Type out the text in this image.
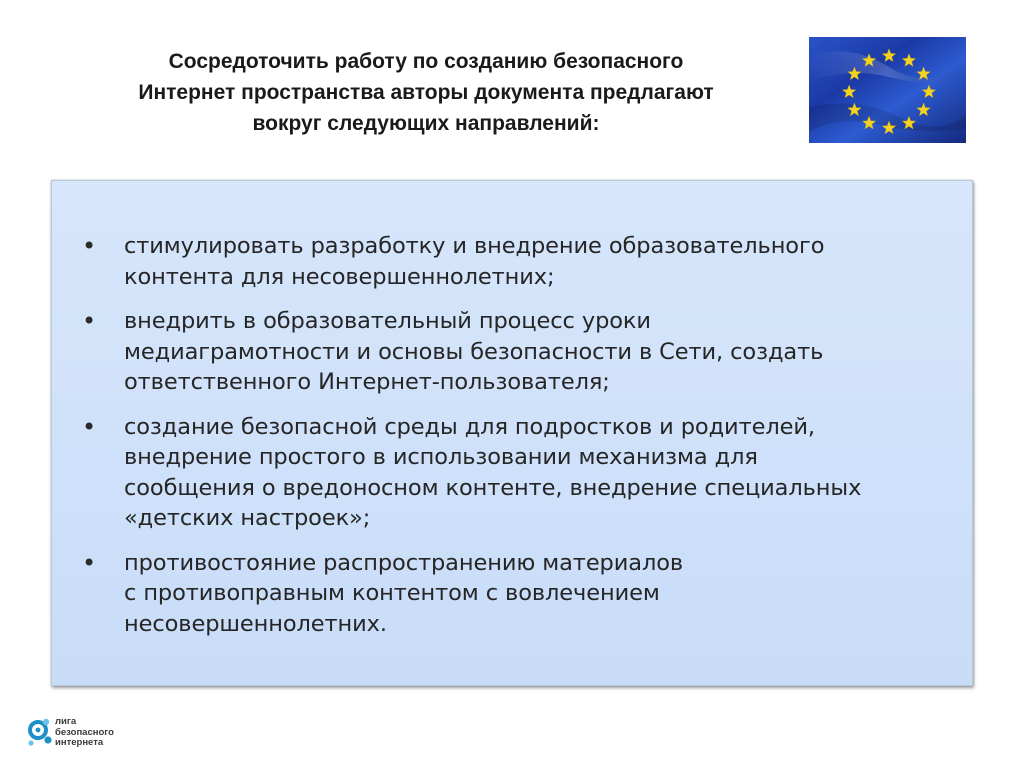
Сосредоточить работу по созданию безопасного
Интернет пространства авторы документа предлагают
вокруг следующих направлений:
• стимулировать разработку и внедрение образовательного
контента для несовершеннолетних;
• внедрить в образовательный процесс уроки
медиаграмотности и основы безопасности в Сети, создать
ответственного Интернет-пользователя;
• создание безопасной среды для подростков и родителей,
внедрение простого в использовании механизма для
сообщения о вредоносном контенте, внедрение специальных
«детских настроек»;
• противостояние распространению материалов
с противоправным контентом с вовлечением
несовершеннолетних.
лига
безопасного
интернета
